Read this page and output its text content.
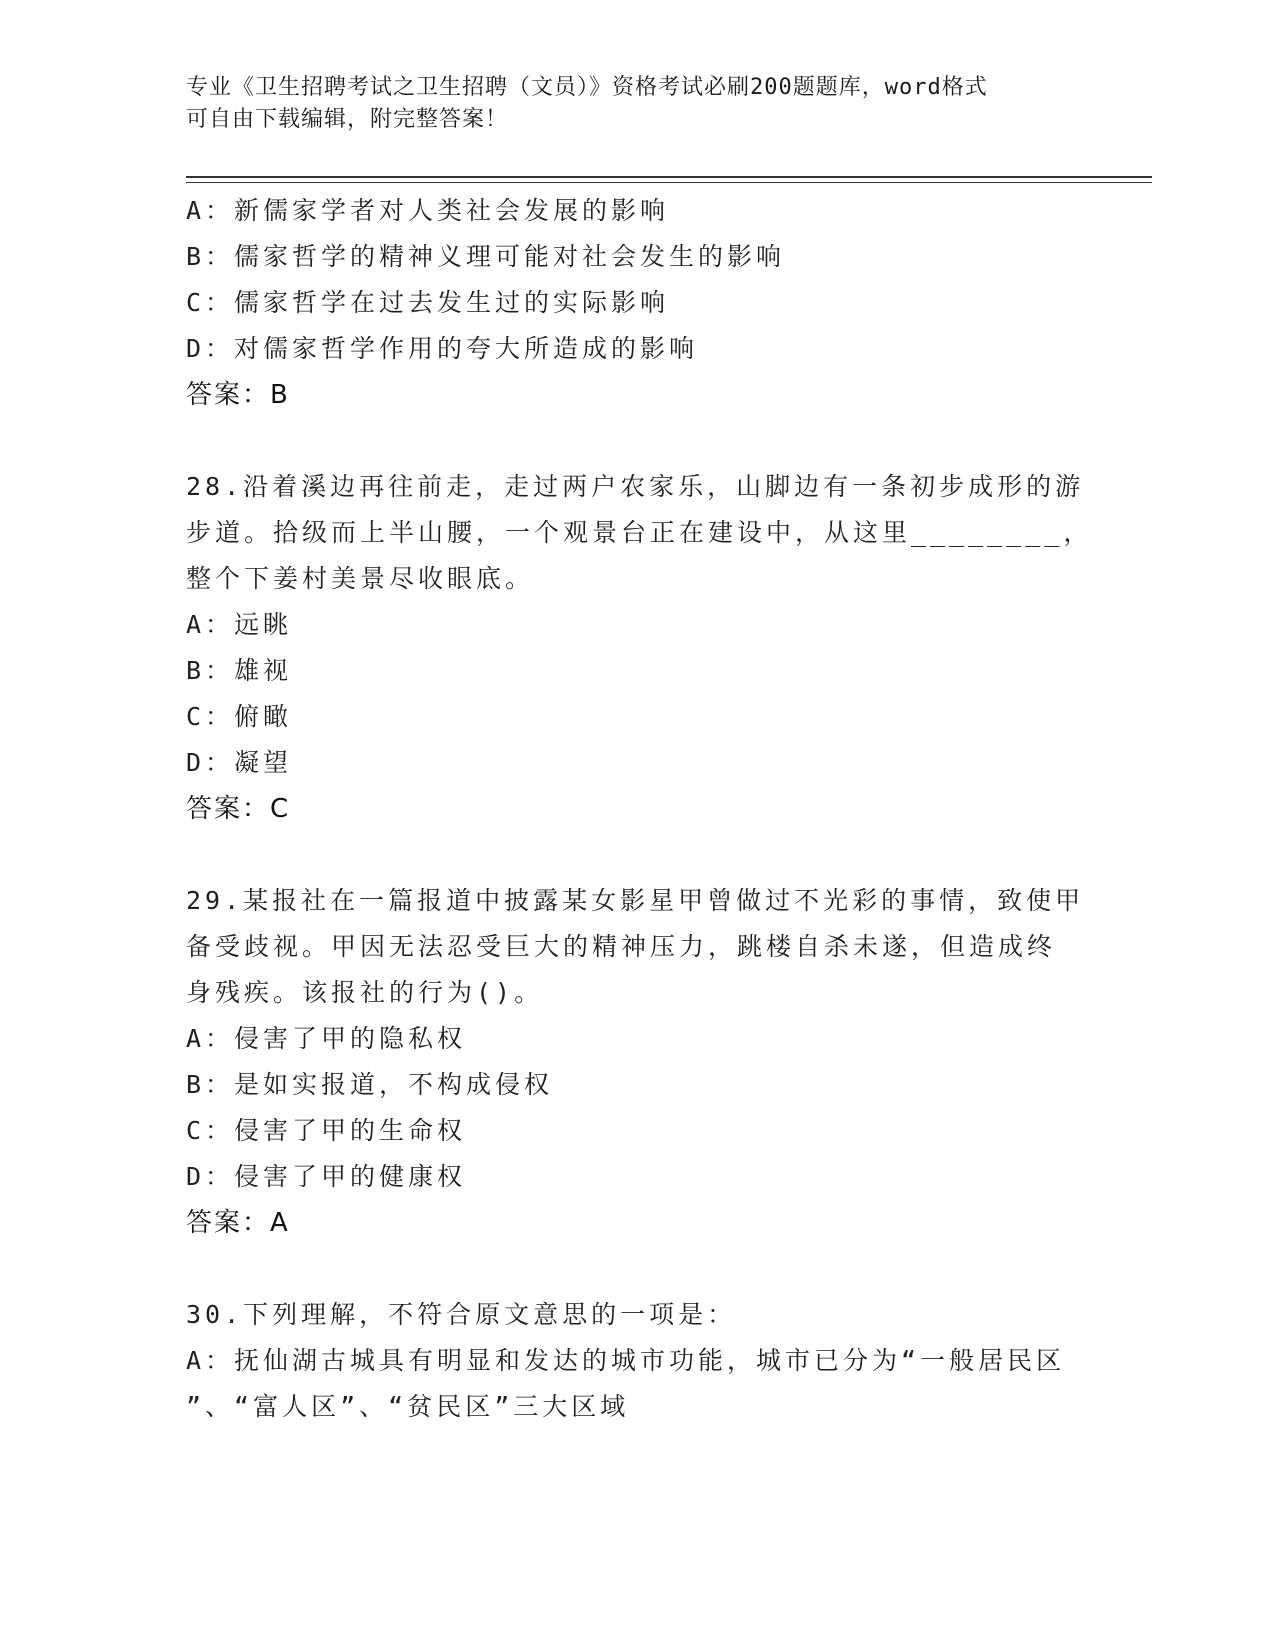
专业《卫生招聘考试之卫生招聘（文员）》资格考试必刷200题题库，word格式
可自由下载编辑，附完整答案！
A：新儒家学者对人类社会发展的影响
B：儒家哲学的精神义理可能对社会发生的影响
C：儒家哲学在过去发生过的实际影响
D：对儒家哲学作用的夸大所造成的影响
答案：B
28.沿着溪边再往前走，走过两户农家乐，山脚边有一条初步成形的游
步道。拾级而上半山腰，一个观景台正在建设中，从这里________，
整个下姜村美景尽收眼底。
A：远眺
B：雄视
C：俯瞰
D：凝望
答案：C
29.某报社在一篇报道中披露某女影星甲曾做过不光彩的事情，致使甲
备受歧视。甲因无法忍受巨大的精神压力，跳楼自杀未遂，但造成终
身残疾。该报社的行为()。
A：侵害了甲的隐私权
B：是如实报道，不构成侵权
C：侵害了甲的生命权
D：侵害了甲的健康权
答案：A
30.下列理解，不符合原文意思的一项是：
A：抚仙湖古城具有明显和发达的城市功能，城市已分为“一般居民区
”、“富人区”、“贫民区”三大区域
